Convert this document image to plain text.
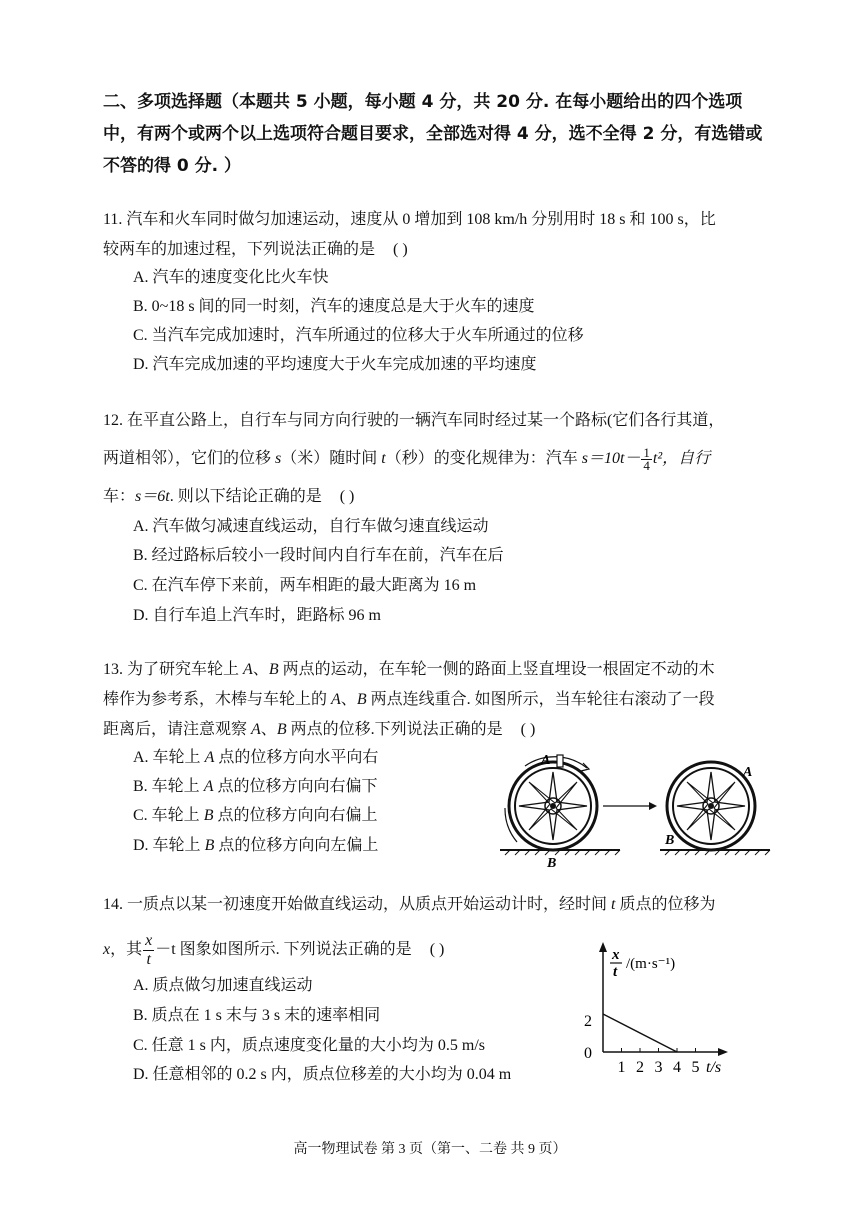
二、多项选择题（本题共 5 小题，每小题 4 分，共 20 分. 在每小题给出的四个选项中，有两个或两个以上选项符合题目要求，全部选对得 4 分，选不全得 2 分，有选错或不答的得 0 分. ）
11. 汽车和火车同时做匀加速运动，速度从 0 增加到 108 km/h 分别用时 18 s 和 100 s，比
较两车的加速过程，下列说法正确的是 ( )
A. 汽车的速度变化比火车快
B. 0~18 s 间的同一时刻，汽车的速度总是大于火车的速度
C. 当汽车完成加速时，汽车所通过的位移大于火车所通过的位移
D. 汽车完成加速的平均速度大于火车完成加速的平均速度
12. 在平直公路上，自行车与同方向行驶的一辆汽车同时经过某一个路标(它们各行其道，
两道相邻），它们的位移 s（米）随时间 t（秒）的变化规律为：汽车 $s=10t- \frac{1}{4} t^2$，自行
车：s＝6t. 则以下结论正确的是 ( )
A. 汽车做匀减速直线运动，自行车做匀速直线运动
B. 经过路标后较小一段时间内自行车在前，汽车在后
C. 在汽车停下来前，两车相距的最大距离为 16 m
D. 自行车追上汽车时，距路标 96 m
13. 为了研究车轮上 A、B 两点的运动，在车轮一侧的路面上竖直埋设一根固定不动的木
棒作为参考系，木棒与车轮上的 A、B 两点连线重合. 如图所示，当车轮往右滚动了一段
距离后，请注意观察 A、B 两点的位移.下列说法正确的是 ( )
A. 车轮上 A 点的位移方向水平向右
B. 车轮上 A 点的位移方向向右偏下
C. 车轮上 B 点的位移方向向右偏上
D. 车轮上 B 点的位移方向向左偏上
A
B
A
B
14. 一质点以某一初速度开始做直线运动，从质点开始运动计时，经时间 t 质点的位移为
x，其 $\frac{x}{t} -t$ 图象如图所示. 下列说法正确的是 ( )
A. 质点做匀加速直线运动
B. 质点在 1 s 末与 3 s 末的速率相同
C. 任意 1 s 内，质点速度变化量的大小均为 0.5 m/s
D. 任意相邻的 0.2 s 内，质点位移差的大小均为 0.04 m
x
t /(m·s⁻¹)
2
0
1 2 3 4 5 t/s
高一物理试卷 第 3 页（第一、二卷 共 9 页）
